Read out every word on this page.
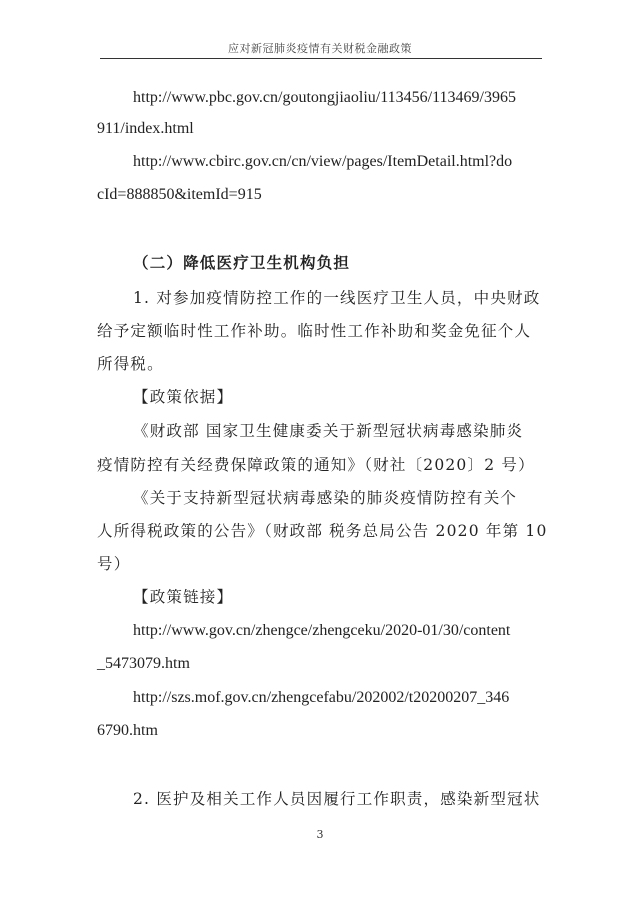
应对新冠肺炎疫情有关财税金融政策
http://www.pbc.gov.cn/goutongjiaoliu/113456/113469/3965
911/index.html
http://www.cbirc.gov.cn/cn/view/pages/ItemDetail.html?do
cId=888850&itemId=915
（二）降低医疗卫生机构负担
1. 对参加疫情防控工作的一线医疗卫生人员，中央财政
给予定额临时性工作补助。临时性工作补助和奖金免征个人
所得税。
【政策依据】
《财政部 国家卫生健康委关于新型冠状病毒感染肺炎
疫情防控有关经费保障政策的通知》（财社〔2020〕2 号）
《关于支持新型冠状病毒感染的肺炎疫情防控有关个
人所得税政策的公告》（财政部 税务总局公告 2020 年第 10
号）
【政策链接】
http://www.gov.cn/zhengce/zhengceku/2020-01/30/content
_5473079.htm
http://szs.mof.gov.cn/zhengcefabu/202002/t20200207_346
6790.htm
2. 医护及相关工作人员因履行工作职责，感染新型冠状
3
